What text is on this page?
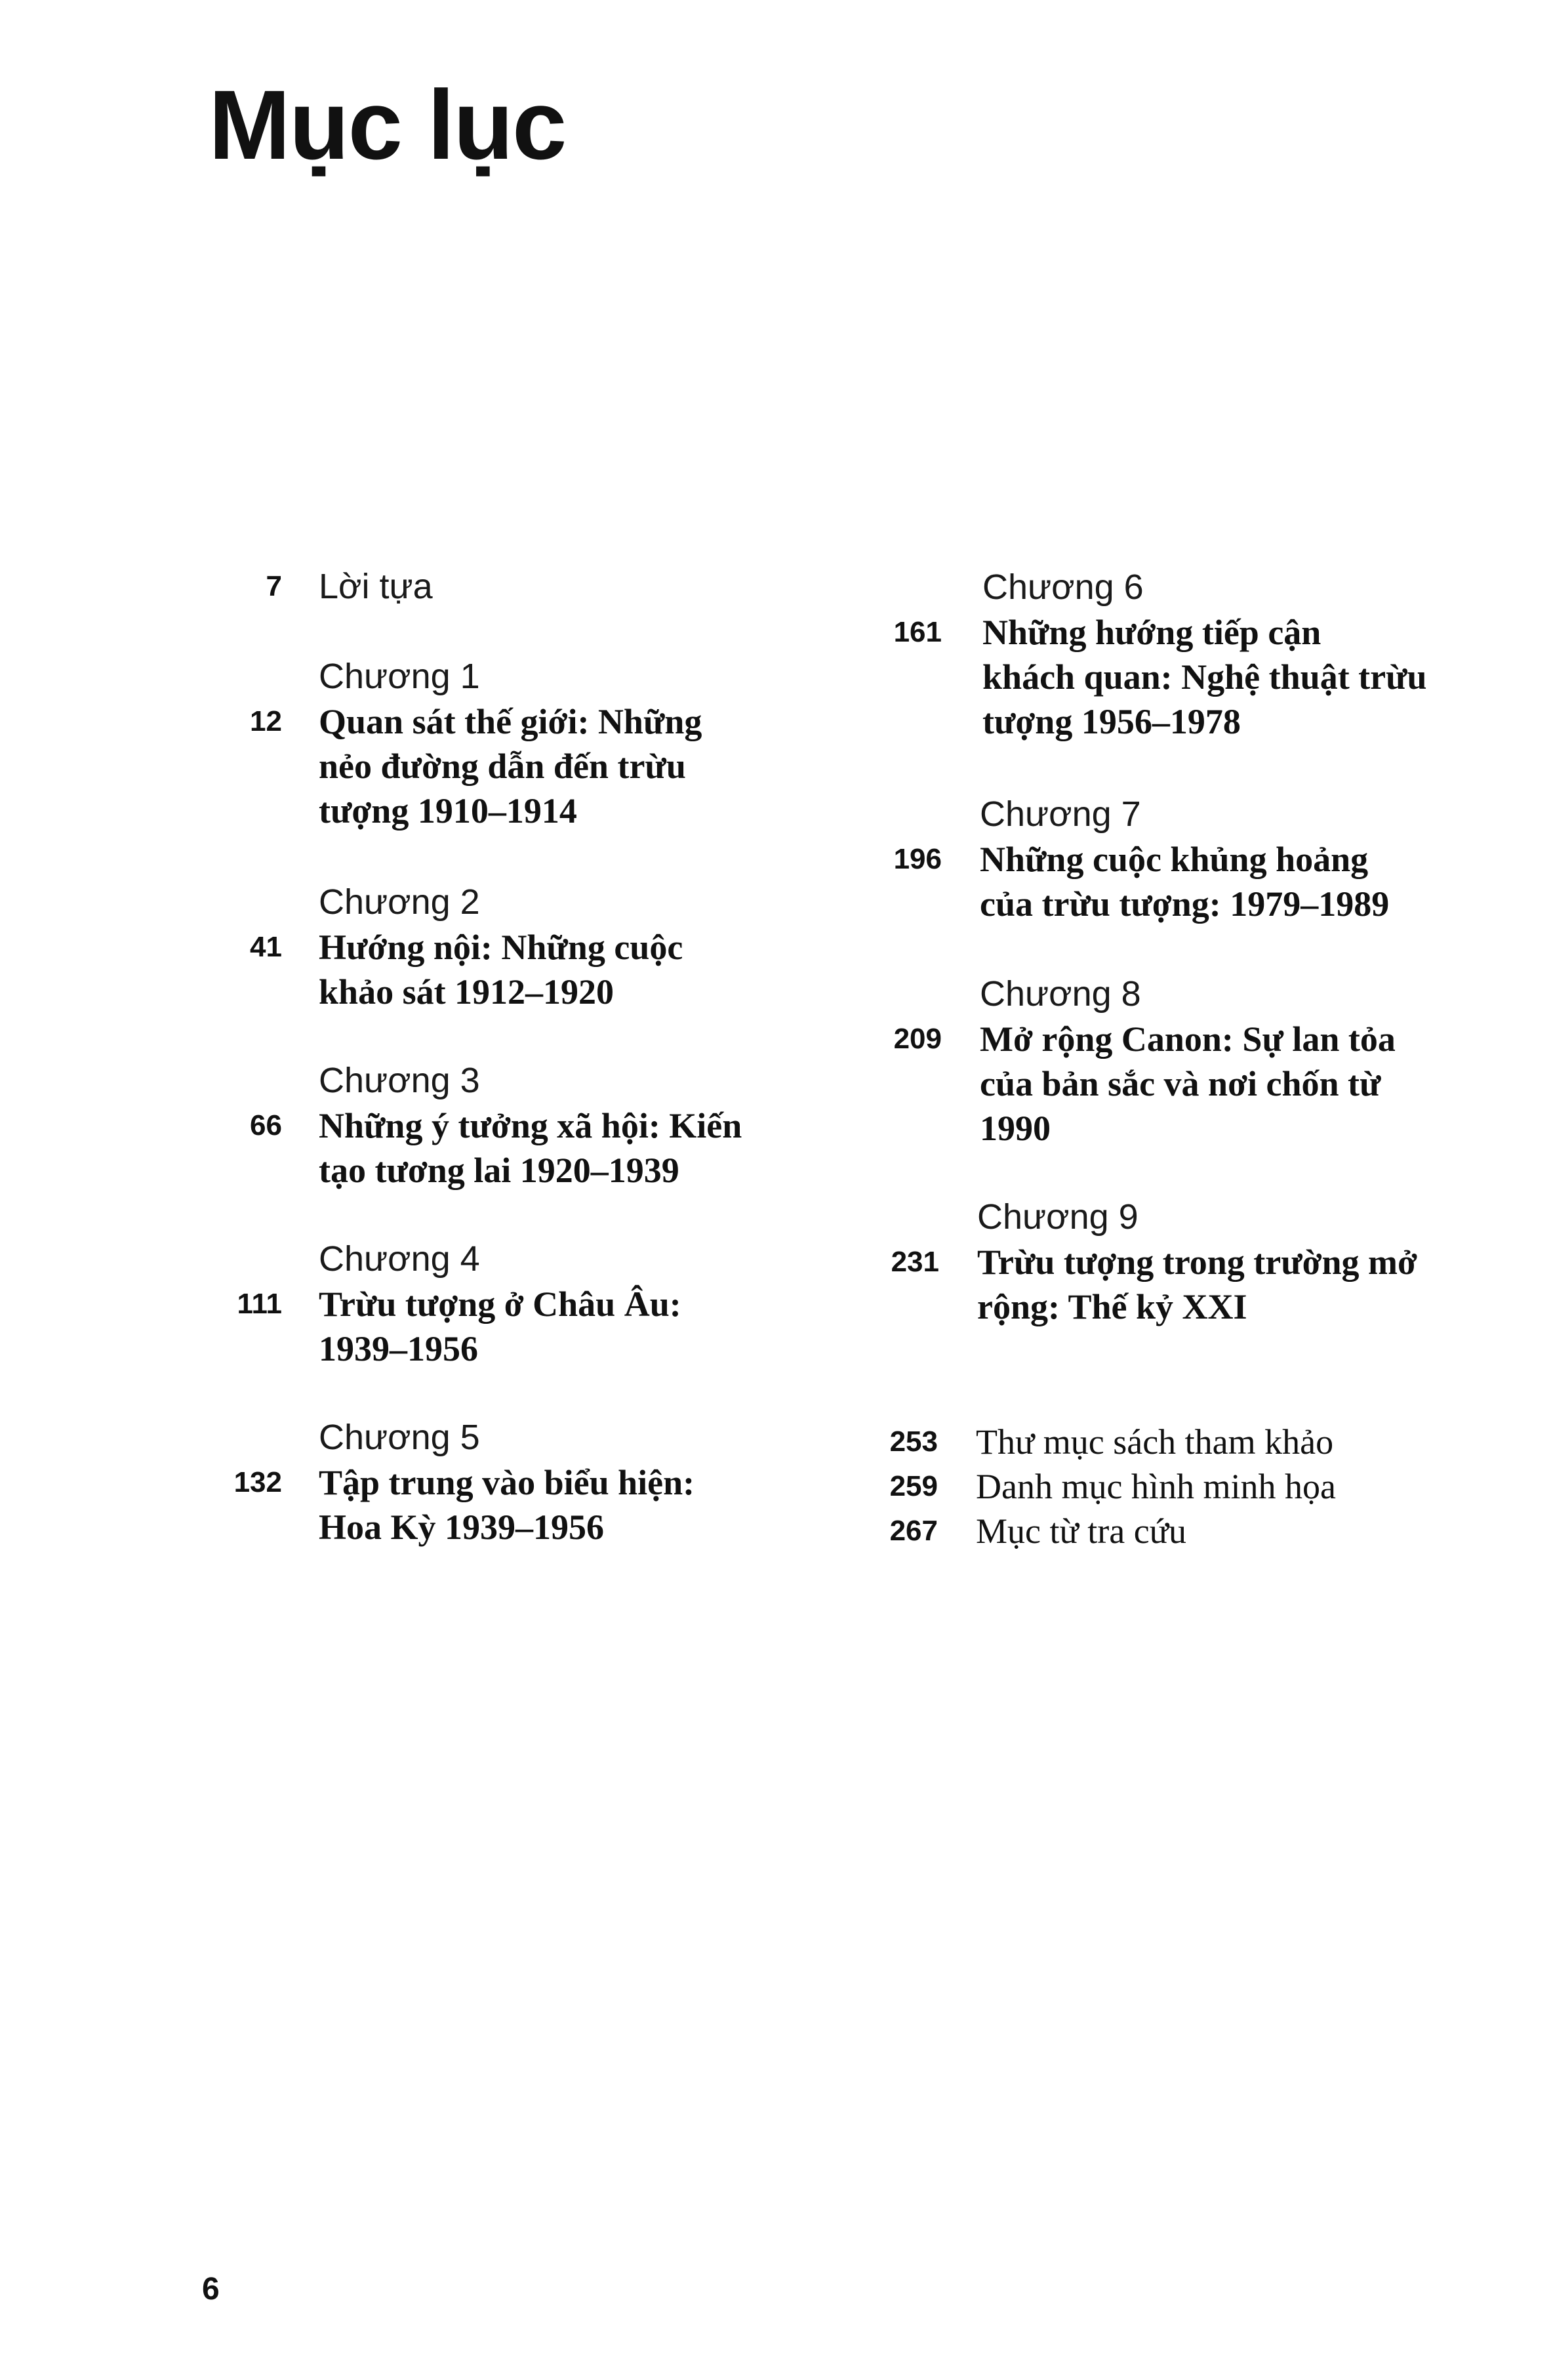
Mục lục
7 Lời tựa
Chương 1
Quan sát thế giới: Những
nẻo đường dẫn đến trừu
tượng 1910–1914
12
Chương 2
Hướng nội: Những cuộc
khảo sát 1912–1920
41
Chương 3
Những ý tưởng xã hội: Kiến
tạo tương lai 1920–1939
66
Chương 4
Trừu tượng ở Châu Âu:
1939–1956
111
Chương 5
Tập trung vào biểu hiện:
Hoa Kỳ 1939–1956
132
Chương 6
Những hướng tiếp cận
khách quan: Nghệ thuật trừu
tượng 1956–1978
161
Chương 7
Những cuộc khủng hoảng
của trừu tượng: 1979–1989
196
Chương 8
Mở rộng Canon: Sự lan tỏa
của bản sắc và nơi chốn từ
1990
209
Chương 9
Trừu tượng trong trường mở
rộng: Thế kỷ XXI
231
253 Thư mục sách tham khảo
259 Danh mục hình minh họa
267 Mục từ tra cứu
6
